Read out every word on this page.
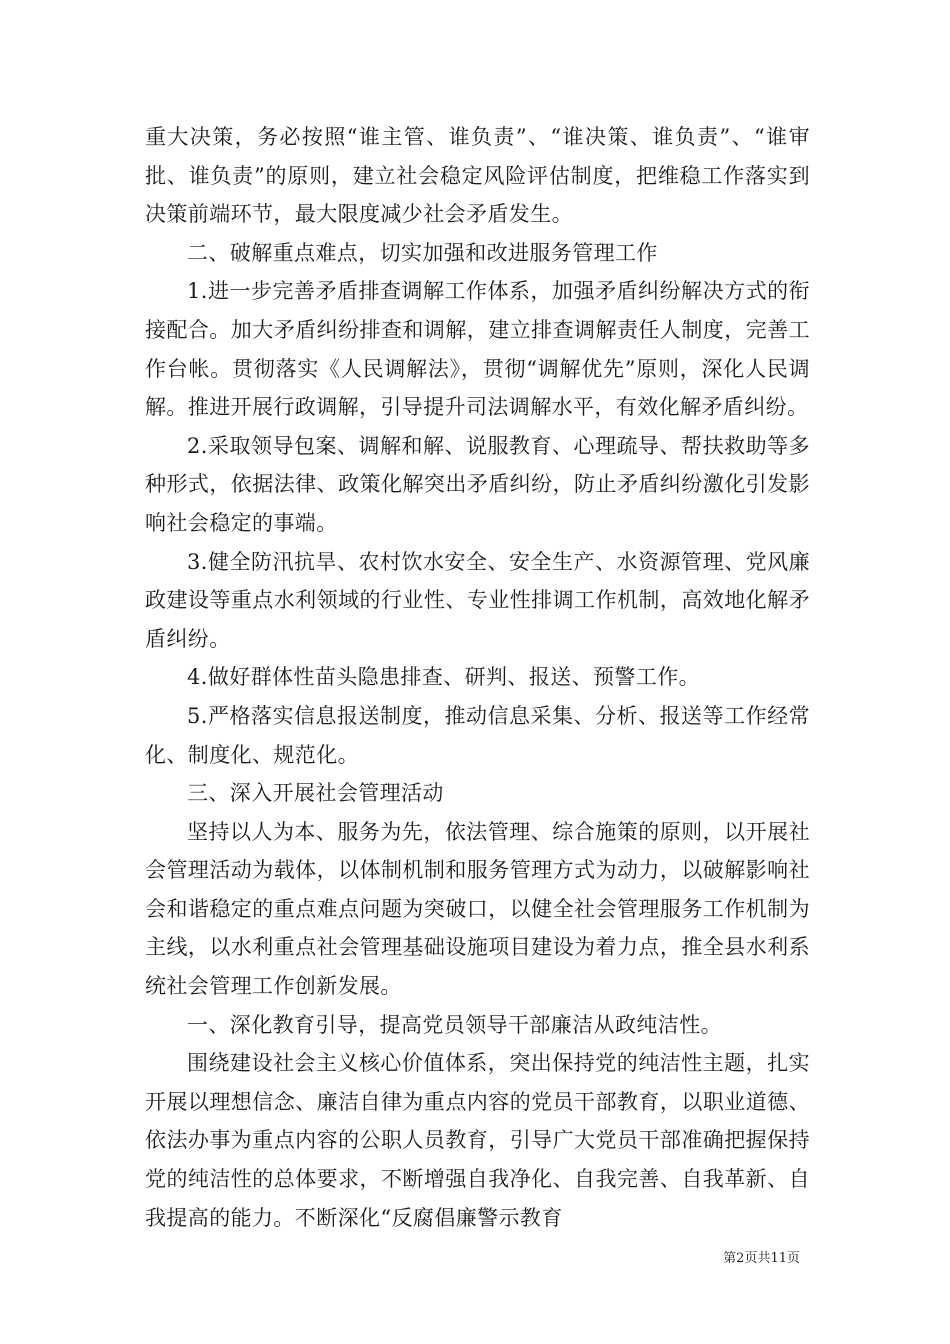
重大决策，务必按照“谁主管、谁负责”、“谁决策、谁负责”、“谁审批、谁负责”的原则，建立社会稳定风险评估制度，把维稳工作落实到决策前端环节，最大限度减少社会矛盾发生。

二、破解重点难点，切实加强和改进服务管理工作

1.进一步完善矛盾排查调解工作体系，加强矛盾纠纷解决方式的衔接配合。加大矛盾纠纷排查和调解，建立排查调解责任人制度，完善工作台帐。贯彻落实《人民调解法》，贯彻“调解优先”原则，深化人民调解。推进开展行政调解，引导提升司法调解水平，有效化解矛盾纠纷。

2.采取领导包案、调解和解、说服教育、心理疏导、帮扶救助等多种形式，依据法律、政策化解突出矛盾纠纷，防止矛盾纠纷激化引发影响社会稳定的事端。

3.健全防汛抗旱、农村饮水安全、安全生产、水资源管理、党风廉政建设等重点水利领域的行业性、专业性排调工作机制，高效地化解矛盾纠纷。

4.做好群体性苗头隐患排查、研判、报送、预警工作。

5.严格落实信息报送制度，推动信息采集、分析、报送等工作经常化、制度化、规范化。

三、深入开展社会管理活动

坚持以人为本、服务为先，依法管理、综合施策的原则，以开展社会管理活动为载体，以体制机制和服务管理方式为动力，以破解影响社会和谐稳定的重点难点问题为突破口，以健全社会管理服务工作机制为主线，以水利重点社会管理基础设施项目建设为着力点，推全县水利系统社会管理工作创新发展。

一、深化教育引导，提高党员领导干部廉洁从政纯洁性。

围绕建设社会主义核心价值体系，突出保持党的纯洁性主题，扎实开展以理想信念、廉洁自律为重点内容的党员干部教育，以职业道德、依法办事为重点内容的公职人员教育，引导广大党员干部准确把握保持党的纯洁性的总体要求，不断增强自我净化、自我完善、自我革新、自我提高的能力。不断深化“反腐倡廉警示教育

第2页共11页
